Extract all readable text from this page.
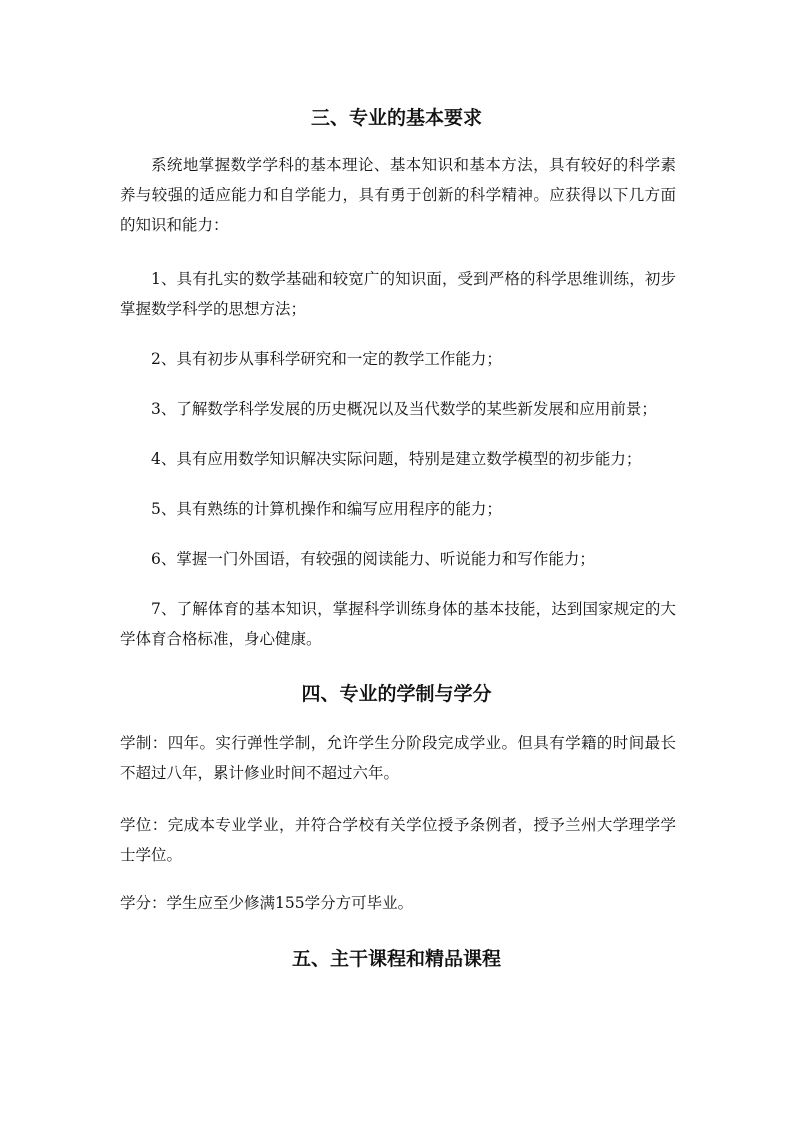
三、专业的基本要求
系统地掌握数学学科的基本理论、基本知识和基本方法，具有较好的科学素养与较强的适应能力和自学能力，具有勇于创新的科学精神。应获得以下几方面的知识和能力：
1、具有扎实的数学基础和较宽广的知识面，受到严格的科学思维训练，初步掌握数学科学的思想方法；
2、具有初步从事科学研究和一定的教学工作能力；
3、了解数学科学发展的历史概况以及当代数学的某些新发展和应用前景；
4、具有应用数学知识解决实际问题，特别是建立数学模型的初步能力；
5、具有熟练的计算机操作和编写应用程序的能力；
6、掌握一门外国语，有较强的阅读能力、听说能力和写作能力；
7、了解体育的基本知识，掌握科学训练身体的基本技能，达到国家规定的大学体育合格标准，身心健康。
四、专业的学制与学分
学制：四年。实行弹性学制，允许学生分阶段完成学业。但具有学籍的时间最长不超过八年，累计修业时间不超过六年。
学位：完成本专业学业，并符合学校有关学位授予条例者，授予兰州大学理学学士学位。
学分：学生应至少修满155学分方可毕业。
五、主干课程和精品课程
